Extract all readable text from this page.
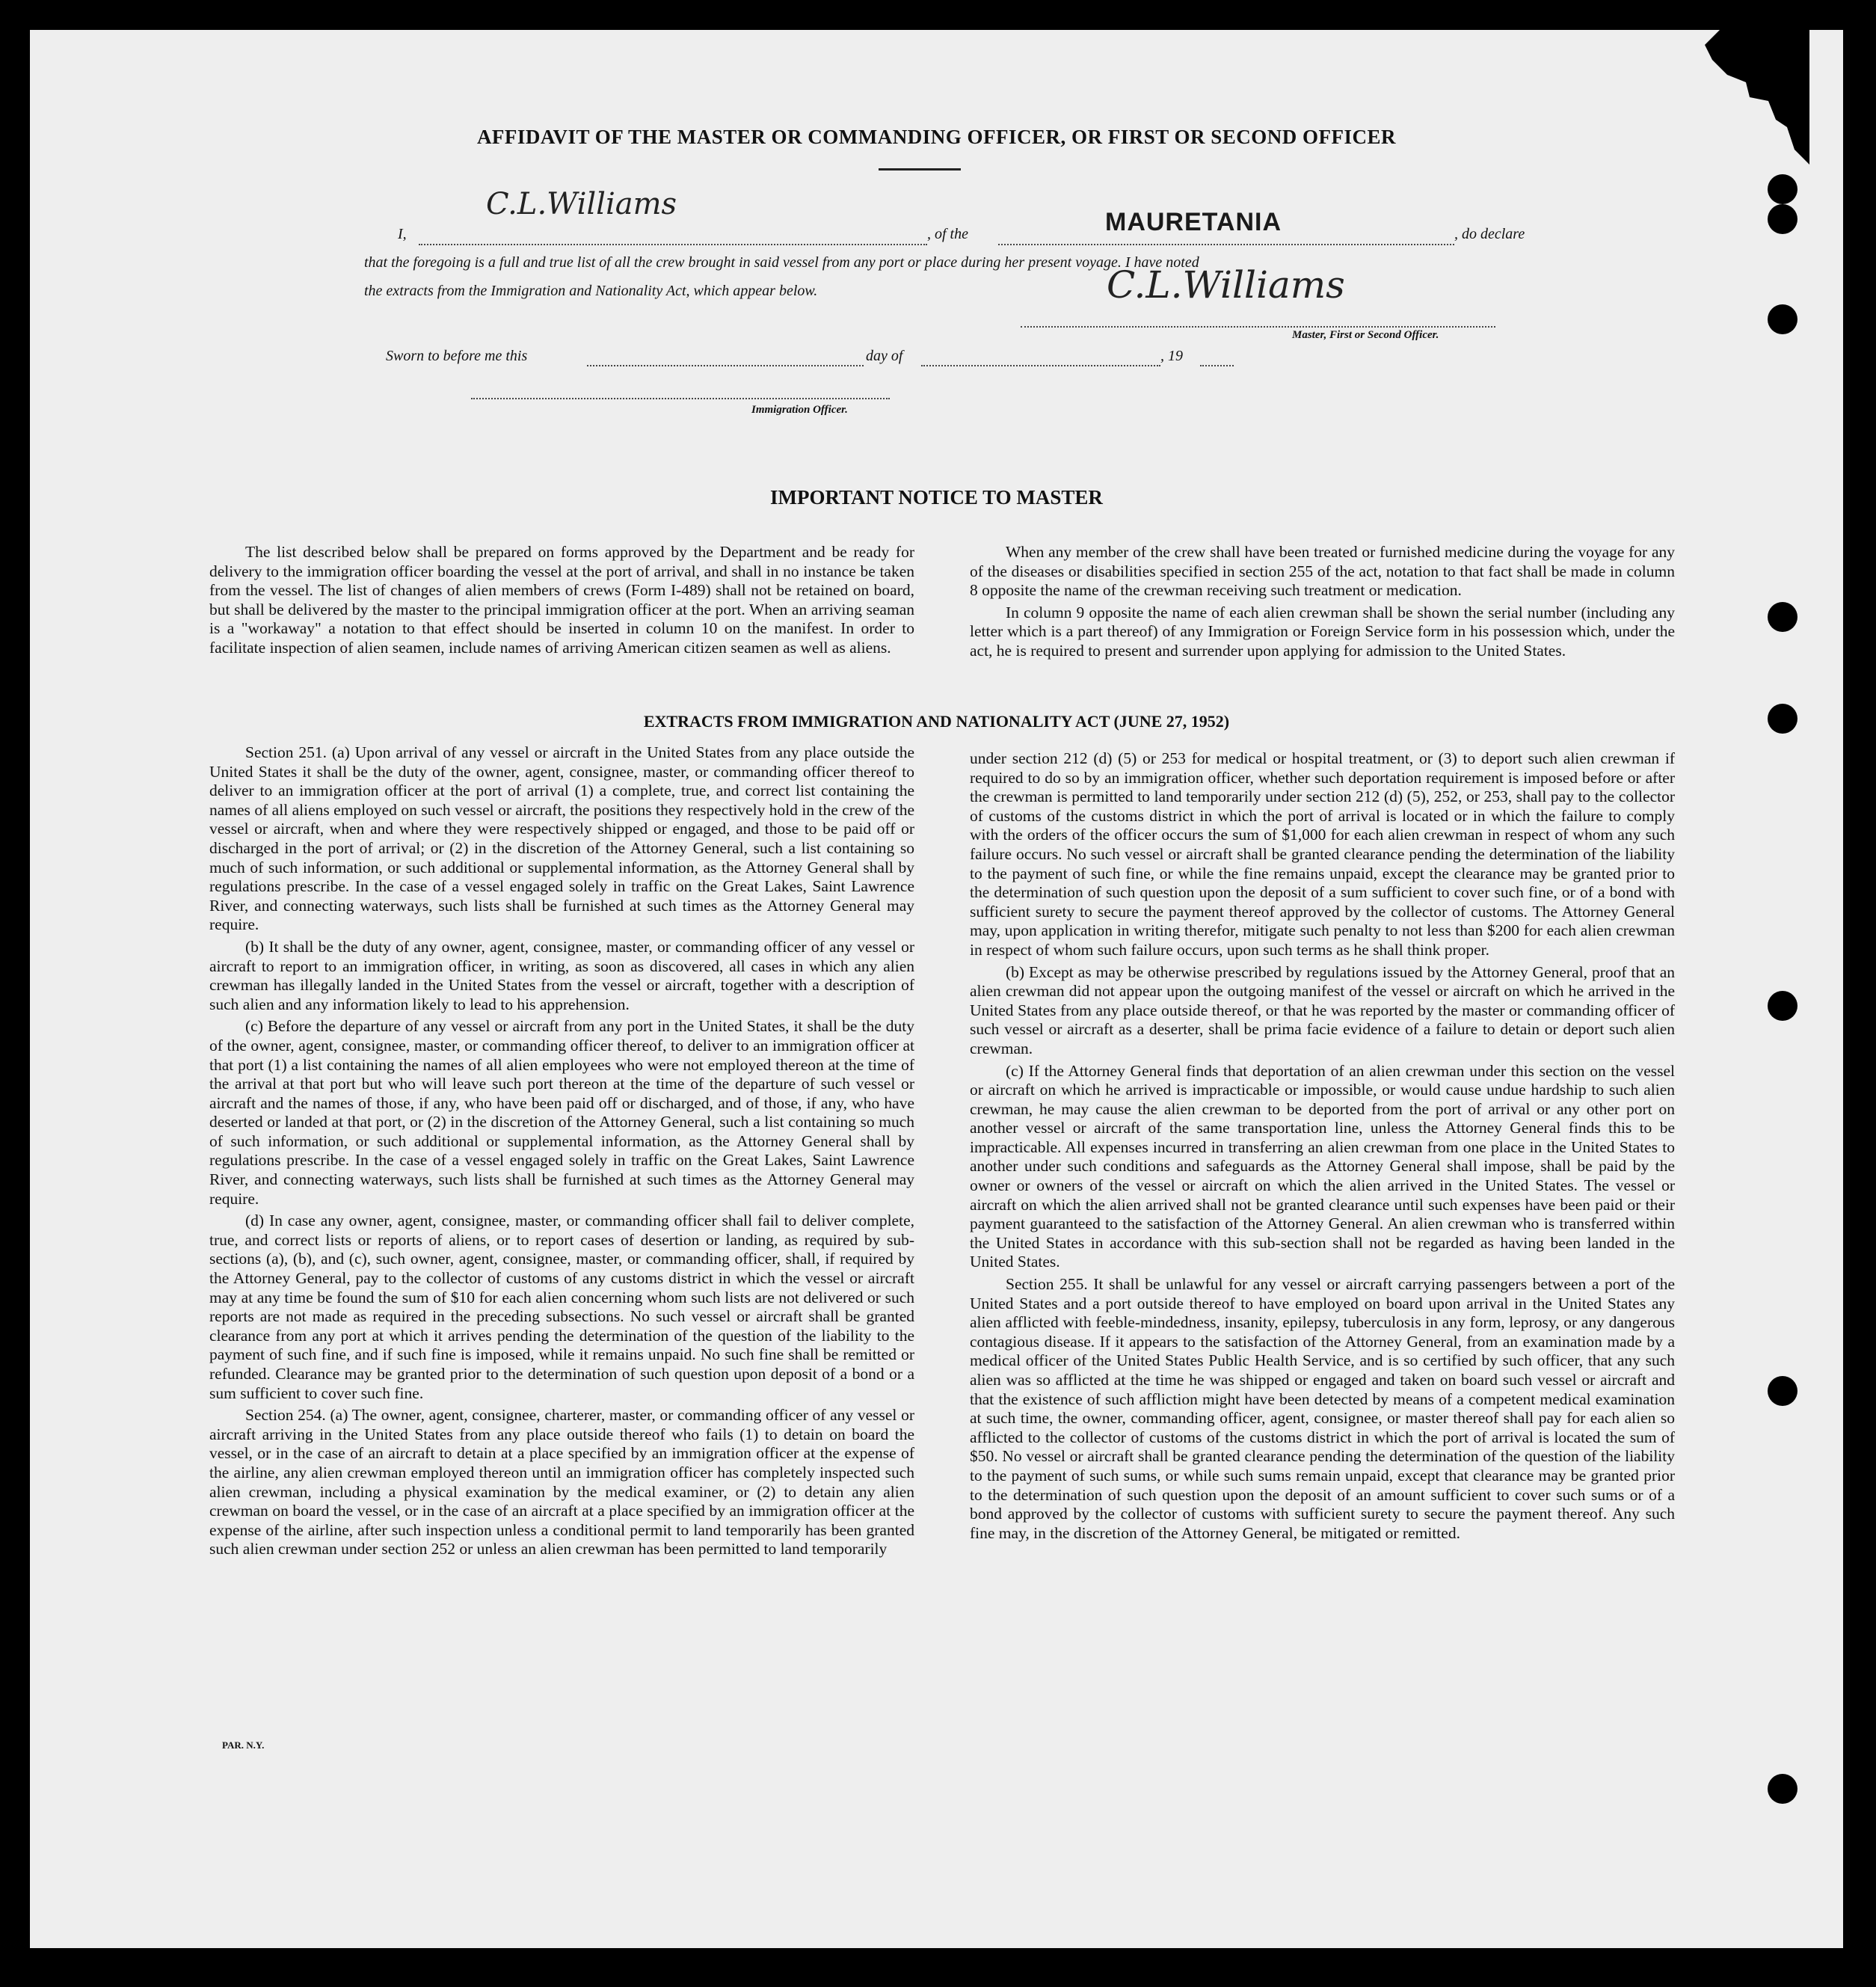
AFFIDAVIT OF THE MASTER OR COMMANDING OFFICER, OR FIRST OR SECOND OFFICER
I,
C.L.Williams
, of the	MAURETANIA	, do declare
that the foregoing is a full and true list of all the crew brought in said vessel from any port or place during her present voyage. I have noted
the extracts from the Immigration and Nationality Act, which appear below.	C.L.Williams
Master, First or Second Officer.
Sworn to before me this	day of	, 19
Immigration Officer.
IMPORTANT NOTICE TO MASTER

The list described below shall be prepared on forms approved by the Department and be ready for delivery to the immigration officer boarding the vessel at the port of arrival, and shall in no instance be taken from the vessel. The list of changes of alien members of crews (Form I-489) shall not be retained on board, but shall be delivered by the master to the principal immigration officer at the port. When an arriving seaman is a "workaway" a notation to that effect should be inserted in column 10 on the manifest. In order to facilitate inspection of alien seamen, include names of arriving American citizen seamen as well as aliens.

When any member of the crew shall have been treated or furnished medicine during the voyage for any of the diseases or disabilities specified in section 255 of the act, notation to that fact shall be made in column 8 opposite the name of the crewman receiving such treatment or medication.

In column 9 opposite the name of each alien crewman shall be shown the serial number (including any letter which is a part thereof) of any Immigration or Foreign Service form in his possession which, under the act, he is required to present and surrender upon applying for admission to the United States.

EXTRACTS FROM IMMIGRATION AND NATIONALITY ACT (JUNE 27, 1952)

Section 251. (a) Upon arrival of any vessel or aircraft in the United States from any place outside the United States it shall be the duty of the owner, agent, consignee, master, or commanding officer thereof to deliver to an immigration officer at the port of arrival (1) a complete, true, and correct list containing the names of all aliens employed on such vessel or aircraft, the positions they respectively hold in the crew of the vessel or aircraft, when and where they were respectively shipped or engaged, and those to be paid off or discharged in the port of arrival; or (2) in the discretion of the Attorney General, such a list containing so much of such information, or such additional or supplemental information, as the Attorney General shall by regulations prescribe. In the case of a vessel engaged solely in traffic on the Great Lakes, Saint Lawrence River, and connecting waterways, such lists shall be furnished at such times as the Attorney General may require.

(b) It shall be the duty of any owner, agent, consignee, master, or commanding officer of any vessel or aircraft to report to an immigration officer, in writing, as soon as discovered, all cases in which any alien crewman has illegally landed in the United States from the vessel or aircraft, together with a description of such alien and any information likely to lead to his apprehension.

(c) Before the departure of any vessel or aircraft from any port in the United States, it shall be the duty of the owner, agent, consignee, master, or commanding officer thereof, to deliver to an immigration officer at that port (1) a list containing the names of all alien employees who were not employed thereon at the time of the arrival at that port but who will leave such port thereon at the time of the departure of such vessel or aircraft and the names of those, if any, who have been paid off or discharged, and of those, if any, who have deserted or landed at that port, or (2) in the discretion of the Attorney General, such a list containing so much of such information, or such additional or supplemental information, as the Attorney General shall by regulations prescribe. In the case of a vessel engaged solely in traffic on the Great Lakes, Saint Lawrence River, and connecting waterways, such lists shall be furnished at such times as the Attorney General may require.

(d) In case any owner, agent, consignee, master, or commanding officer shall fail to deliver complete, true, and correct lists or reports of aliens, or to report cases of desertion or landing, as required by sub-sections (a), (b), and (c), such owner, agent, consignee, master, or commanding officer, shall, if required by the Attorney General, pay to the collector of customs of any customs district in which the vessel or aircraft may at any time be found the sum of $10 for each alien concerning whom such lists are not delivered or such reports are not made as required in the preceding subsections. No such vessel or aircraft shall be granted clearance from any port at which it arrives pending the determination of the question of the liability to the payment of such fine, and if such fine is imposed, while it remains unpaid. No such fine shall be remitted or refunded. Clearance may be granted prior to the determination of such question upon deposit of a bond or a sum sufficient to cover such fine.

Section 254. (a) The owner, agent, consignee, charterer, master, or commanding officer of any vessel or aircraft arriving in the United States from any place outside thereof who fails (1) to detain on board the vessel, or in the case of an aircraft to detain at a place specified by an immigration officer at the expense of the airline, any alien crewman employed thereon until an immigration officer has completely inspected such alien crewman, including a physical examination by the medical examiner, or (2) to detain any alien crewman on board the vessel, or in the case of an aircraft at a place specified by an immigration officer at the expense of the airline, after such inspection unless a conditional permit to land temporarily has been granted such alien crewman under section 252 or unless an alien crewman has been permitted to land temporarily

under section 212 (d) (5) or 253 for medical or hospital treatment, or (3) to deport such alien crewman if required to do so by an immigration officer, whether such deportation requirement is imposed before or after the crewman is permitted to land temporarily under section 212 (d) (5), 252, or 253, shall pay to the collector of customs of the customs district in which the port of arrival is located or in which the failure to comply with the orders of the officer occurs the sum of $1,000 for each alien crewman in respect of whom any such failure occurs. No such vessel or aircraft shall be granted clearance pending the determination of the liability to the payment of such fine, or while the fine remains unpaid, except the clearance may be granted prior to the determination of such question upon the deposit of a sum sufficient to cover such fine, or of a bond with sufficient surety to secure the payment thereof approved by the collector of customs. The Attorney General may, upon application in writing therefor, mitigate such penalty to not less than $200 for each alien crewman in respect of whom such failure occurs, upon such terms as he shall think proper.

(b) Except as may be otherwise prescribed by regulations issued by the Attorney General, proof that an alien crewman did not appear upon the outgoing manifest of the vessel or aircraft on which he arrived in the United States from any place outside thereof, or that he was reported by the master or commanding officer of such vessel or aircraft as a deserter, shall be prima facie evidence of a failure to detain or deport such alien crewman.

(c) If the Attorney General finds that deportation of an alien crewman under this section on the vessel or aircraft on which he arrived is impracticable or impossible, or would cause undue hardship to such alien crewman, he may cause the alien crewman to be deported from the port of arrival or any other port on another vessel or aircraft of the same transportation line, unless the Attorney General finds this to be impracticable. All expenses incurred in transferring an alien crewman from one place in the United States to another under such conditions and safeguards as the Attorney General shall impose, shall be paid by the owner or owners of the vessel or aircraft on which the alien arrived in the United States. The vessel or aircraft on which the alien arrived shall not be granted clearance until such expenses have been paid or their payment guaranteed to the satisfaction of the Attorney General. An alien crewman who is transferred within the United States in accordance with this sub-section shall not be regarded as having been landed in the United States.

Section 255. It shall be unlawful for any vessel or aircraft carrying passengers between a port of the United States and a port outside thereof to have employed on board upon arrival in the United States any alien afflicted with feeble-mindedness, insanity, epilepsy, tuberculosis in any form, leprosy, or any dangerous contagious disease. If it appears to the satisfaction of the Attorney General, from an examination made by a medical officer of the United States Public Health Service, and is so certified by such officer, that any such alien was so afflicted at the time he was shipped or engaged and taken on board such vessel or aircraft and that the existence of such affliction might have been detected by means of a competent medical examination at such time, the owner, commanding officer, agent, consignee, or master thereof shall pay for each alien so afflicted to the collector of customs of the customs district in which the port of arrival is located the sum of $50. No vessel or aircraft shall be granted clearance pending the determination of the question of the liability to the payment of such sums, or while such sums remain unpaid, except that clearance may be granted prior to the determination of such question upon the deposit of an amount sufficient to cover such sums or of a bond approved by the collector of customs with sufficient surety to secure the payment thereof. Any such fine may, in the discretion of the Attorney General, be mitigated or remitted.

PAR. N.Y.
